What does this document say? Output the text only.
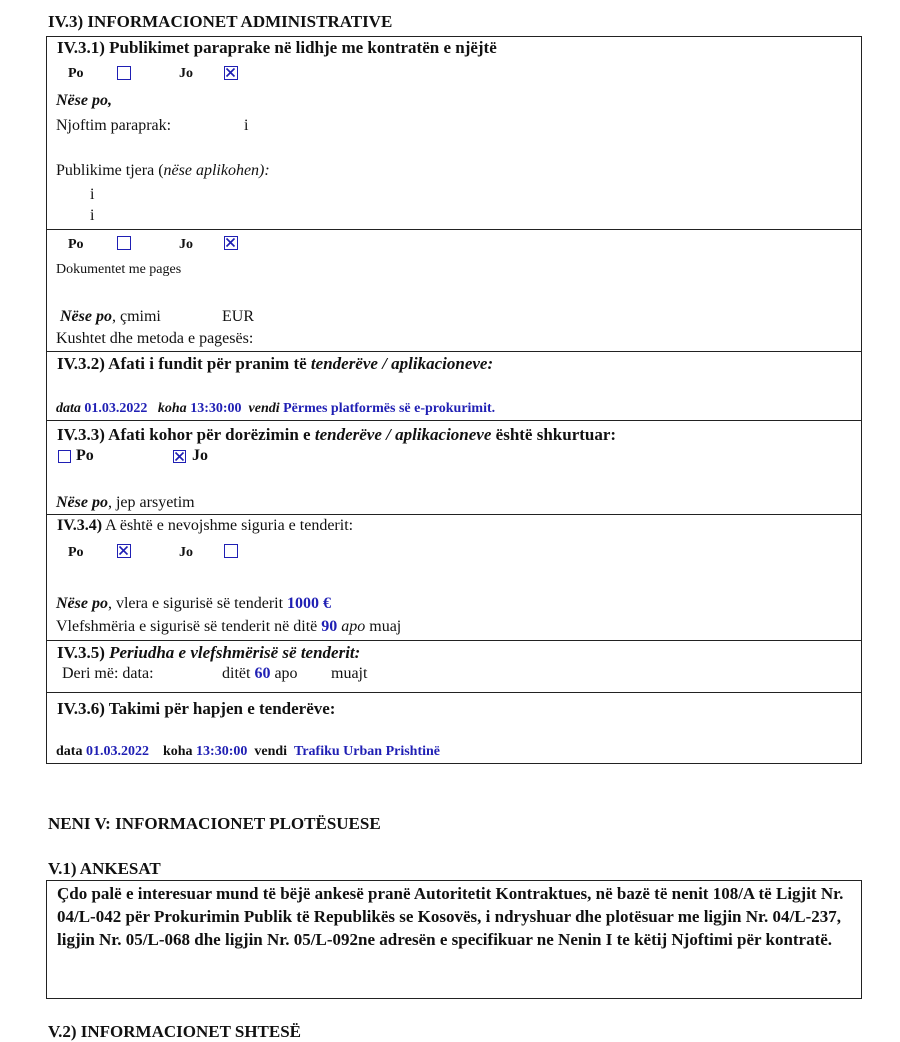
IV.3) INFORMACIONET ADMINISTRATIVE
IV.3.1) Publikimet paraprake në lidhje me kontratën e njëjtë
Po	Jo
Nëse po,
Njoftim paraprak:	i
Publikime tjera (nëse aplikohen):
i
i
Po	Jo
Dokumentet me pages
Nëse po, çmimi	EUR
Kushtet dhe metoda e pagesës:
IV.3.2) Afati i fundit për pranim të tenderëve / aplikacioneve:
data 01.03.2022 koha 13:30:00 vendi Përmes platformës së e-prokurimit.
IV.3.3) Afati kohor për dorëzimin e tenderëve / aplikacioneve është shkurtuar:
Po	Jo
Nëse po, jep arsyetim
IV.3.4) A është e nevojshme siguria e tenderit:
Po	Jo
Nëse po, vlera e sigurisë së tenderit 1000 €
Vlefshmëria e sigurisë së tenderit në ditë 90 apo muaj
IV.3.5) Periudha e vlefshmërisë së tenderit:
Deri më: data:	ditët 60 apo muajt
IV.3.6) Takimi për hapjen e tenderëve:
data 01.03.2022 koha 13:30:00 vendi Trafiku Urban Prishtinë
NENI V: INFORMACIONET PLOTËSUESE
V.1) ANKESAT
Çdo palë e interesuar mund të bëjë ankesë pranë Autoritetit Kontraktues, në bazë të nenit 108/A të Ligjit Nr. 04/L-042 për Prokurimin Publik të Republikës se Kosovës, i ndryshuar dhe plotësuar me ligjin Nr. 04/L-237, ligjin Nr. 05/L-068 dhe ligjin Nr. 05/L-092ne adresën e specifikuar ne Nenin I te këtij Njoftimi për kontratë.
V.2) INFORMACIONET SHTESË
